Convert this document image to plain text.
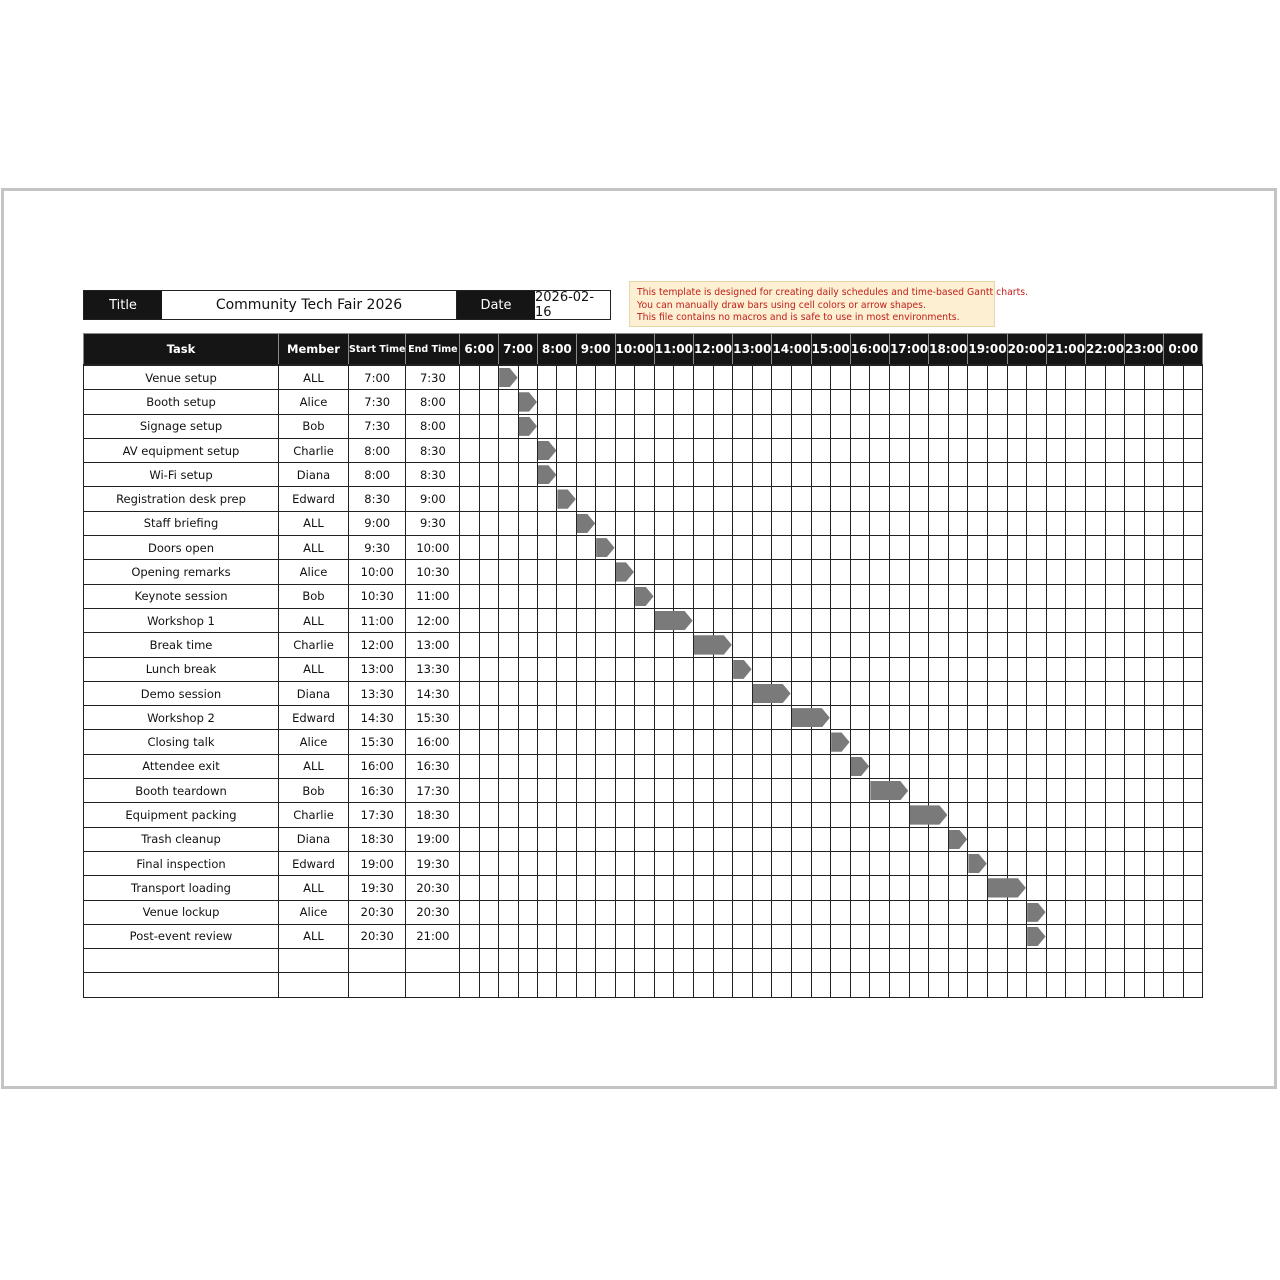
Title	Community Tech Fair 2026	Date	2026-02-16
This template is designed for creating daily schedules and time-based Gantt charts.
You can manually draw bars using cell colors or arrow shapes.
This file contains no macros and is safe to use in most environments.
Task	Member	Start Time	End Time	6:00		7:00		8:00		9:00		10:00		11:00		12:00		13:00		14:00		15:00		16:00		17:00		18:00		19:00		20:00		21:00		22:00		23:00		0:00	
Venue setup	ALL	7:00	7:30			

Booth setup	Alice	7:30	8:00				

Signage setup	Bob	7:30	8:00				

AV equipment setup	Charlie	8:00	8:30					

Wi-Fi setup	Diana	8:00	8:30					

Registration desk prep	Edward	8:30	9:00						

Staff briefing	ALL	9:00	9:30							

Doors open	ALL	9:30	10:00								

Opening remarks	Alice	10:00	10:30									

Keynote session	Bob	10:30	11:00										

Workshop 1	ALL	11:00	12:00											

Break time	Charlie	12:00	13:00													

Lunch break	ALL	13:00	13:30															

Demo session	Diana	13:30	14:30																

Workshop 2	Edward	14:30	15:30																		

Closing talk	Alice	15:30	16:00																				

Attendee exit	ALL	16:00	16:30																					

Booth teardown	Bob	16:30	17:30																						

Equipment packing	Charlie	17:30	18:30																								

Trash cleanup	Diana	18:30	19:00																										

Final inspection	Edward	19:00	19:30																											

Transport loading	ALL	19:30	20:30																												

Venue lockup	Alice	20:30	20:30																														

Post-event review	ALL	20:30	21:00																														
